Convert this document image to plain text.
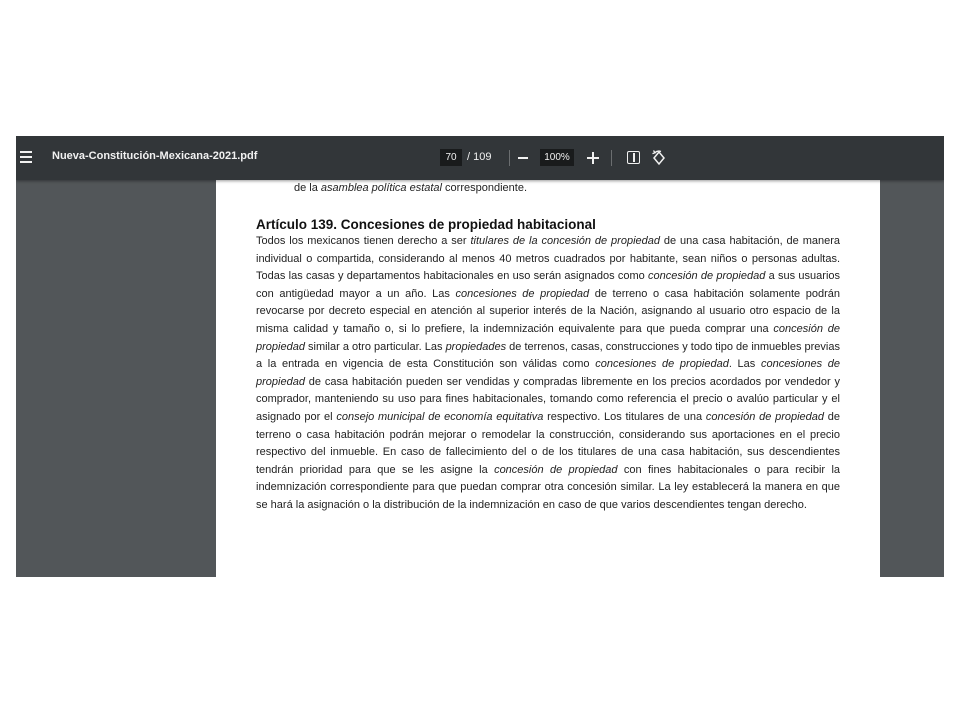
Nueva-Constitución-Mexicana-2021.pdf
70	/ 109	100%
de la asamblea política estatal correspondiente.
Artículo 139. Concesiones de propiedad habitacional
Todos los mexicanos tienen derecho a ser titulares de la concesión de propiedad de una casa habitación, de manera individual o compartida, considerando al menos 40 metros cuadrados por habitante, sean niños o personas adultas. Todas las casas y departamentos habitacionales en uso serán asignados como concesión de propiedad a sus usuarios con antigüedad mayor a un año. Las concesiones de propiedad de terreno o casa habitación solamente podrán revocarse por decreto especial en atención al superior interés de la Nación, asignando al usuario otro espacio de la misma calidad y tamaño o, si lo prefiere, la indemnización equivalente para que pueda comprar una concesión de propiedad similar a otro particular. Las propiedades de terrenos, casas, construcciones y todo tipo de inmuebles previas a la entrada en vigencia de esta Constitución son válidas como concesiones de propiedad. Las concesiones de propiedad de casa habitación pueden ser vendidas y compradas libremente en los precios acordados por vendedor y comprador, manteniendo su uso para fines habitacionales, tomando como referencia el precio o avalúo particular y el asignado por el consejo municipal de economía equitativa respectivo. Los titulares de una concesión de propiedad de terreno o casa habitación podrán mejorar o remodelar la construcción, considerando sus aportaciones en el precio respectivo del inmueble. En caso de fallecimiento del o de los titulares de una casa habitación, sus descendientes tendrán prioridad para que se les asigne la concesión de propiedad con fines habitacionales o para recibir la indemnización correspondiente para que puedan comprar otra concesión similar. La ley establecerá la manera en que se hará la asignación o la distribución de la indemnización en caso de que varios descendientes tengan derecho.
